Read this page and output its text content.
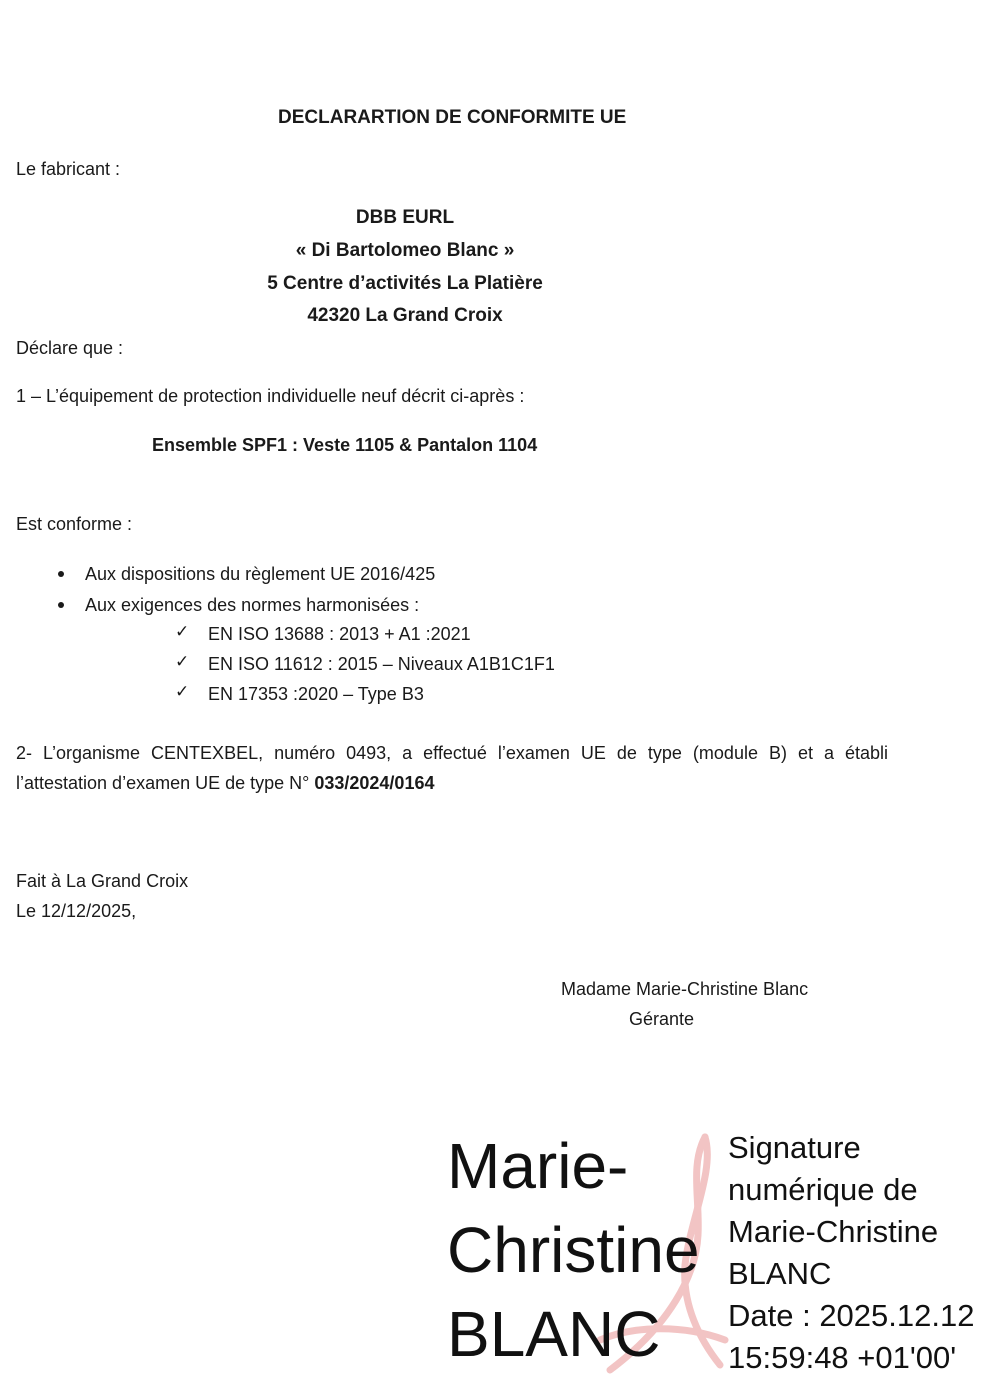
DECLARARTION DE CONFORMITE UE
Le fabricant :
DBB EURL
« Di Bartolomeo Blanc »
5 Centre d’activités La Platière
42320 La Grand Croix
Déclare que :
1 – L’équipement de protection individuelle neuf décrit ci-après :
Ensemble SPF1 : Veste 1105 & Pantalon 1104
Est conforme :
Aux dispositions du règlement UE 2016/425
Aux exigences des normes harmonisées :
✓ EN ISO 13688 : 2013 + A1 :2021
✓ EN ISO 11612 : 2015 – Niveaux A1B1C1F1
✓ EN 17353 :2020 – Type B3
2- L’organisme CENTEXBEL, numéro 0493, a effectué l’examen UE de type (module B) et a établi
l’attestation d’examen UE de type N° 033/2024/0164
Fait à La Grand Croix
Le 12/12/2025,
Madame Marie-Christine Blanc
Gérante
Marie-
Christine
BLANC
Signature
numérique de
Marie-Christine
BLANC
Date : 2025.12.12
15:59:48 +01'00'
